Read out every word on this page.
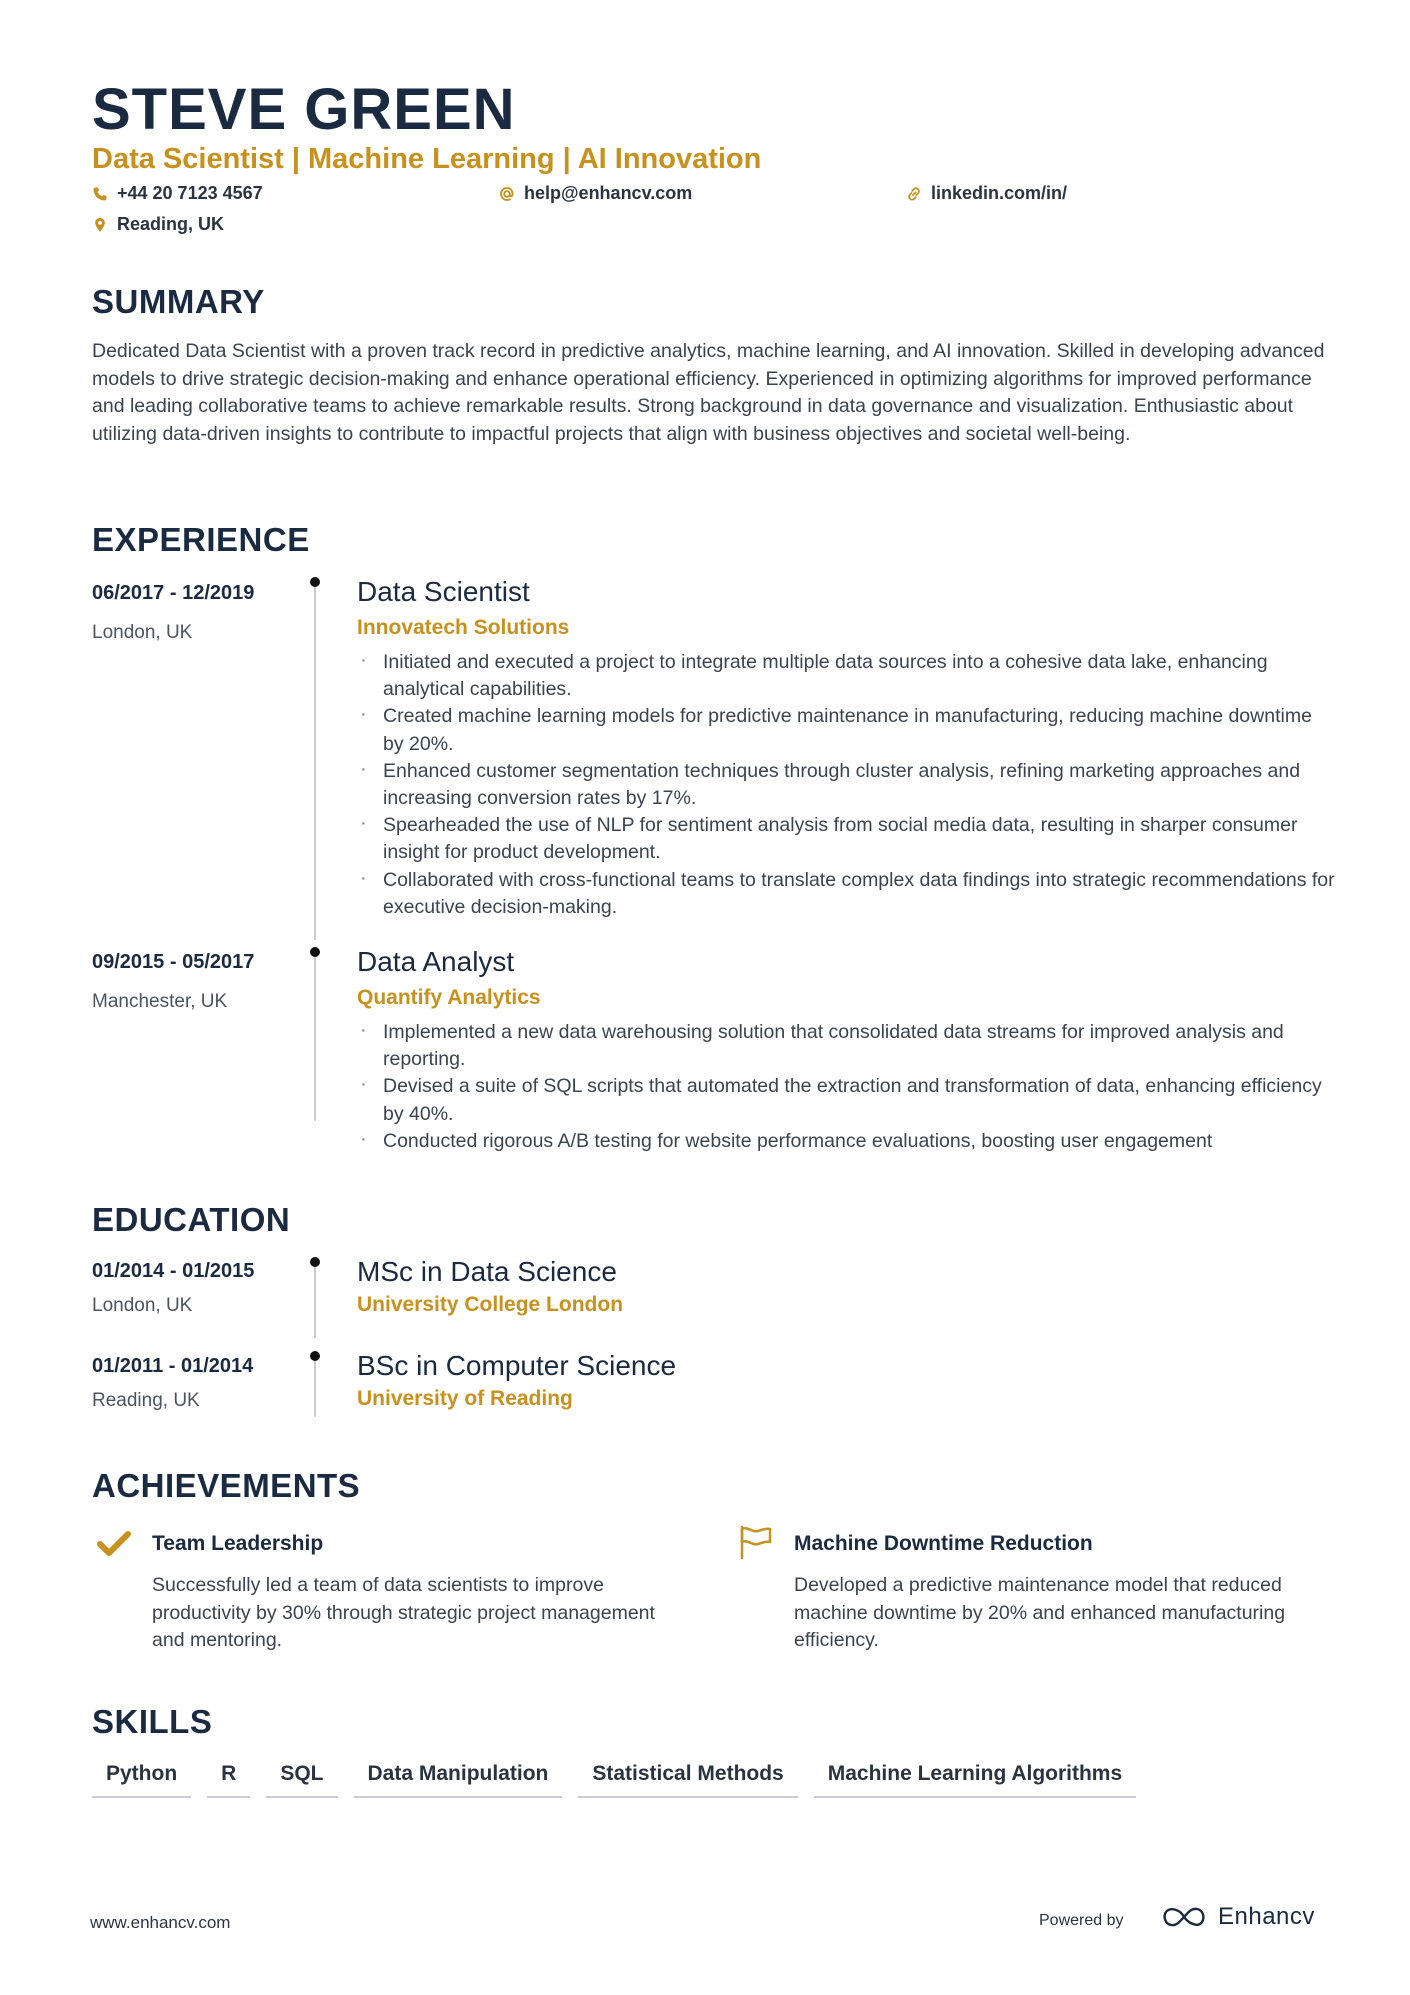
STEVE GREEN
Data Scientist | Machine Learning | AI Innovation
+44 20 7123 4567	help@enhancv.com	linkedin.com/in/
Reading, UK
SUMMARY
Dedicated Data Scientist with a proven track record in predictive analytics, machine learning, and AI innovation. Skilled in developing advanced models to drive strategic decision-making and enhance operational efficiency. Experienced in optimizing algorithms for improved performance and leading collaborative teams to achieve remarkable results. Strong background in data governance and visualization. Enthusiastic about utilizing data-driven insights to contribute to impactful projects that align with business objectives and societal well-being.
EXPERIENCE
06/2017 - 12/2019
London, UK
Data Scientist
Innovatech Solutions
· Initiated and executed a project to integrate multiple data sources into a cohesive data lake, enhancing analytical capabilities.
· Created machine learning models for predictive maintenance in manufacturing, reducing machine downtime by 20%.
· Enhanced customer segmentation techniques through cluster analysis, refining marketing approaches and increasing conversion rates by 17%.
· Spearheaded the use of NLP for sentiment analysis from social media data, resulting in sharper consumer insight for product development.
· Collaborated with cross-functional teams to translate complex data findings into strategic recommendations for executive decision-making.
09/2015 - 05/2017
Manchester, UK
Data Analyst
Quantify Analytics
· Implemented a new data warehousing solution that consolidated data streams for improved analysis and reporting.
· Devised a suite of SQL scripts that automated the extraction and transformation of data, enhancing efficiency by 40%.
· Conducted rigorous A/B testing for website performance evaluations, boosting user engagement
EDUCATION
01/2014 - 01/2015
London, UK
MSc in Data Science
University College London
01/2011 - 01/2014
Reading, UK
BSc in Computer Science
University of Reading
ACHIEVEMENTS
Team Leadership
Successfully led a team of data scientists to improve productivity by 30% through strategic project management and mentoring.
Machine Downtime Reduction
Developed a predictive maintenance model that reduced machine downtime by 20% and enhanced manufacturing efficiency.
SKILLS
Python	R	SQL	Data Manipulation	Statistical Methods	Machine Learning Algorithms
www.enhancv.com	Powered by	Enhancv
